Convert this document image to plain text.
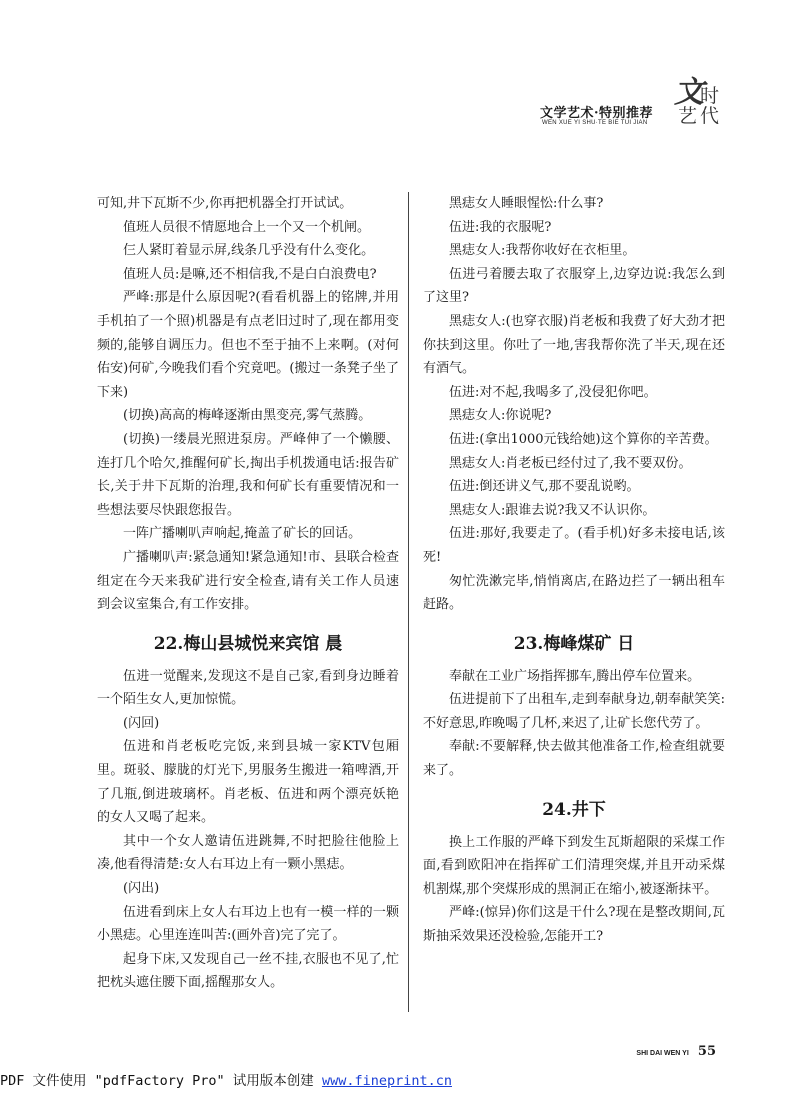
文学艺术·特别推荐
WEN XUE YI SHU·TE BIE TUI JIAN
文
时
艺 代

可知,井下瓦斯不少,你再把机器全打开试试。

值班人员很不情愿地合上一个又一个机闸。

仨人紧盯着显示屏,线条几乎没有什么变化。

值班人员:是嘛,还不相信我,不是白白浪费电?

严峰:那是什么原因呢?(看看机器上的铭牌,并用手机拍了一个照)机器是有点老旧过时了,现在都用变频的,能够自调压力。但也不至于抽不上来啊。(对何佑安)何矿,今晚我们看个究竟吧。(搬过一条凳子坐了下来)

(切换)高高的梅峰逐渐由黑变亮,雾气蒸腾。

(切换)一缕晨光照进泵房。严峰伸了一个懒腰、连打几个哈欠,推醒何矿长,掏出手机拨通电话:报告矿长,关于井下瓦斯的治理,我和何矿长有重要情况和一些想法要尽快跟您报告。

一阵广播喇叭声响起,掩盖了矿长的回话。

广播喇叭声:紧急通知!紧急通知!市、县联合检查组定在今天来我矿进行安全检查,请有关工作人员速到会议室集合,有工作安排。

22.梅山县城悦来宾馆 晨

伍进一觉醒来,发现这不是自己家,看到身边睡着一个陌生女人,更加惊慌。

(闪回)

伍进和肖老板吃完饭,来到县城一家KTV包厢里。斑驳、朦胧的灯光下,男服务生搬进一箱啤酒,开了几瓶,倒进玻璃杯。肖老板、伍进和两个漂亮妖艳的女人又喝了起来。

其中一个女人邀请伍进跳舞,不时把脸往他脸上凑,他看得清楚:女人右耳边上有一颗小黑痣。

(闪出)

伍进看到床上女人右耳边上也有一模一样的一颗小黑痣。心里连连叫苦:(画外音)完了完了。

起身下床,又发现自己一丝不挂,衣服也不见了,忙把枕头遮住腰下面,摇醒那女人。

黑痣女人睡眼惺忪:什么事?

伍进:我的衣服呢?

黑痣女人:我帮你收好在衣柜里。

伍进弓着腰去取了衣服穿上,边穿边说:我怎么到了这里?

黑痣女人:(也穿衣服)肖老板和我费了好大劲才把你扶到这里。你吐了一地,害我帮你洗了半天,现在还有酒气。

伍进:对不起,我喝多了,没侵犯你吧。

黑痣女人:你说呢?

伍进:(拿出1000元钱给她)这个算你的辛苦费。

黑痣女人:肖老板已经付过了,我不要双份。

伍进:倒还讲义气,那不要乱说哟。

黑痣女人:跟谁去说?我又不认识你。

伍进:那好,我要走了。(看手机)好多未接电话,该死!

匆忙洗漱完毕,悄悄离店,在路边拦了一辆出租车赶路。

23.梅峰煤矿 日

奉献在工业广场指挥挪车,腾出停车位置来。

伍进提前下了出租车,走到奉献身边,朝奉献笑笑:不好意思,昨晚喝了几杯,来迟了,让矿长您代劳了。

奉献:不要解释,快去做其他准备工作,检查组就要来了。

24.井下

换上工作服的严峰下到发生瓦斯超限的采煤工作面,看到欧阳冲在指挥矿工们清理突煤,并且开动采煤机割煤,那个突煤形成的黑洞正在缩小,被逐渐抹平。

严峰:(惊异)你们这是干什么?现在是整改期间,瓦斯抽采效果还没检验,怎能开工?

SHI DAI WEN YI 55
PDF 文件使用 "pdfFactory Pro" 试用版本创建 www.fineprint.cn
